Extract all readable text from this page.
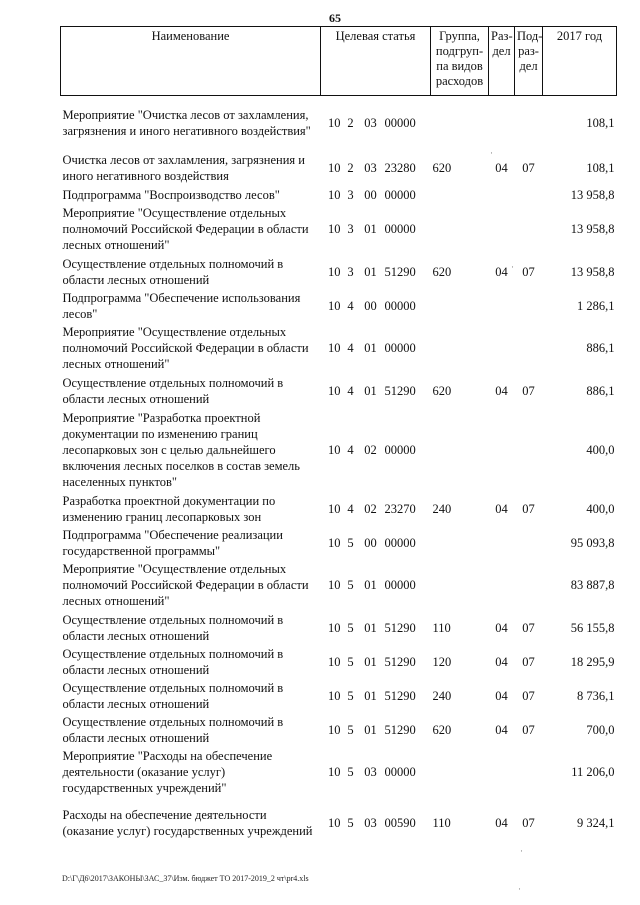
65
Наименование	Целевая статья				Группа,
подгруп-
па видов
расходов	Раз-
дел	Под-
раз-
дел	2017 год
Мероприятие "Очистка лесов от захламления, загрязнения и иного негативного воздействия"	10	2	03	00000				108,1
Очистка лесов от захламления, загрязнения и иного негативного воздействия	10	2	03	23280	620	04	07	108,1
Подпрограмма "Воспроизводство лесов"	10	3	00	00000				13 958,8
Мероприятие "Осуществление отдельных полномочий Российской Федерации в области лесных отношений"	10	3	01	00000				13 958,8
Осуществление отдельных полномочий в области лесных отношений	10	3	01	51290	620	04	07	13 958,8
Подпрограмма "Обеспечение использования лесов"	10	4	00	00000				1 286,1
Мероприятие "Осуществление отдельных полномочий Российской Федерации в области лесных отношений"	10	4	01	00000				886,1
Осуществление отдельных полномочий в области лесных отношений	10	4	01	51290	620	04	07	886,1
Мероприятие "Разработка проектной документации по изменению границ лесопарковых зон с целью дальнейшего включения лесных поселков в состав земель населенных пунктов"	10	4	02	00000				400,0
Разработка проектной документации по изменению границ лесопарковых зон	10	4	02	23270	240	04	07	400,0
Подпрограмма "Обеспечение реализации государственной программы"	10	5	00	00000				95 093,8
Мероприятие "Осуществление отдельных полномочий Российской Федерации в области лесных отношений"	10	5	01	00000				83 887,8
Осуществление отдельных полномочий в области лесных отношений	10	5	01	51290	110	04	07	56 155,8
Осуществление отдельных полномочий в области лесных отношений	10	5	01	51290	120	04	07	18 295,9
Осуществление отдельных полномочий в области лесных отношений	10	5	01	51290	240	04	07	8 736,1
Осуществление отдельных полномочий в области лесных отношений	10	5	01	51290	620	04	07	700,0
Мероприятие "Расходы на обеспечение деятельности (оказание услуг) государственных учреждений"	10	5	03	00000				11 206,0
Расходы на обеспечение деятельности (оказание услуг) государственных учреждений	10	5	03	00590	110	04	07	9 324,1
D:\Г\Д6\2017\ЗАКОНЫ\ЗАС_37\Изм. бюджет ТО 2017-2019_2 чт\pr4.xls
·
·
·
·
